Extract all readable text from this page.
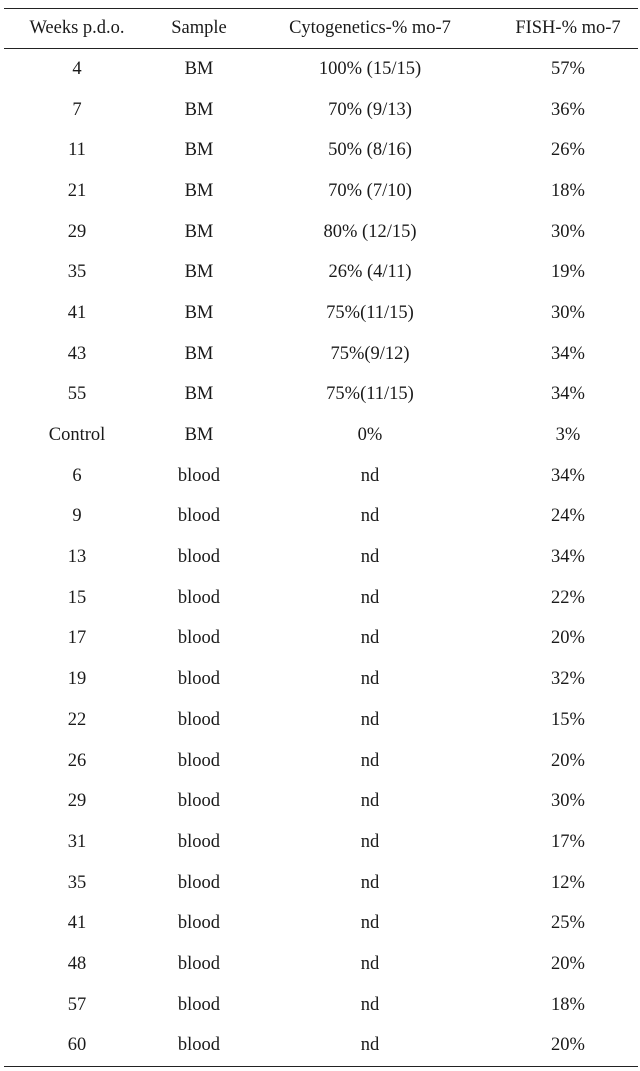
Weeks p.d.o.	Sample	Cytogenetics-% mo-7	FISH-% mo-7
4	BM	100% (15/15)	57%
7	BM	70% (9/13)	36%
11	BM	50% (8/16)	26%
21	BM	70% (7/10)	18%
29	BM	80% (12/15)	30%
35	BM	26% (4/11)	19%
41	BM	75%(11/15)	30%
43	BM	75%(9/12)	34%
55	BM	75%(11/15)	34%
Control	BM	0%	3%
6	blood	nd	34%
9	blood	nd	24%
13	blood	nd	34%
15	blood	nd	22%
17	blood	nd	20%
19	blood	nd	32%
22	blood	nd	15%
26	blood	nd	20%
29	blood	nd	30%
31	blood	nd	17%
35	blood	nd	12%
41	blood	nd	25%
48	blood	nd	20%
57	blood	nd	18%
60	blood	nd	20%
